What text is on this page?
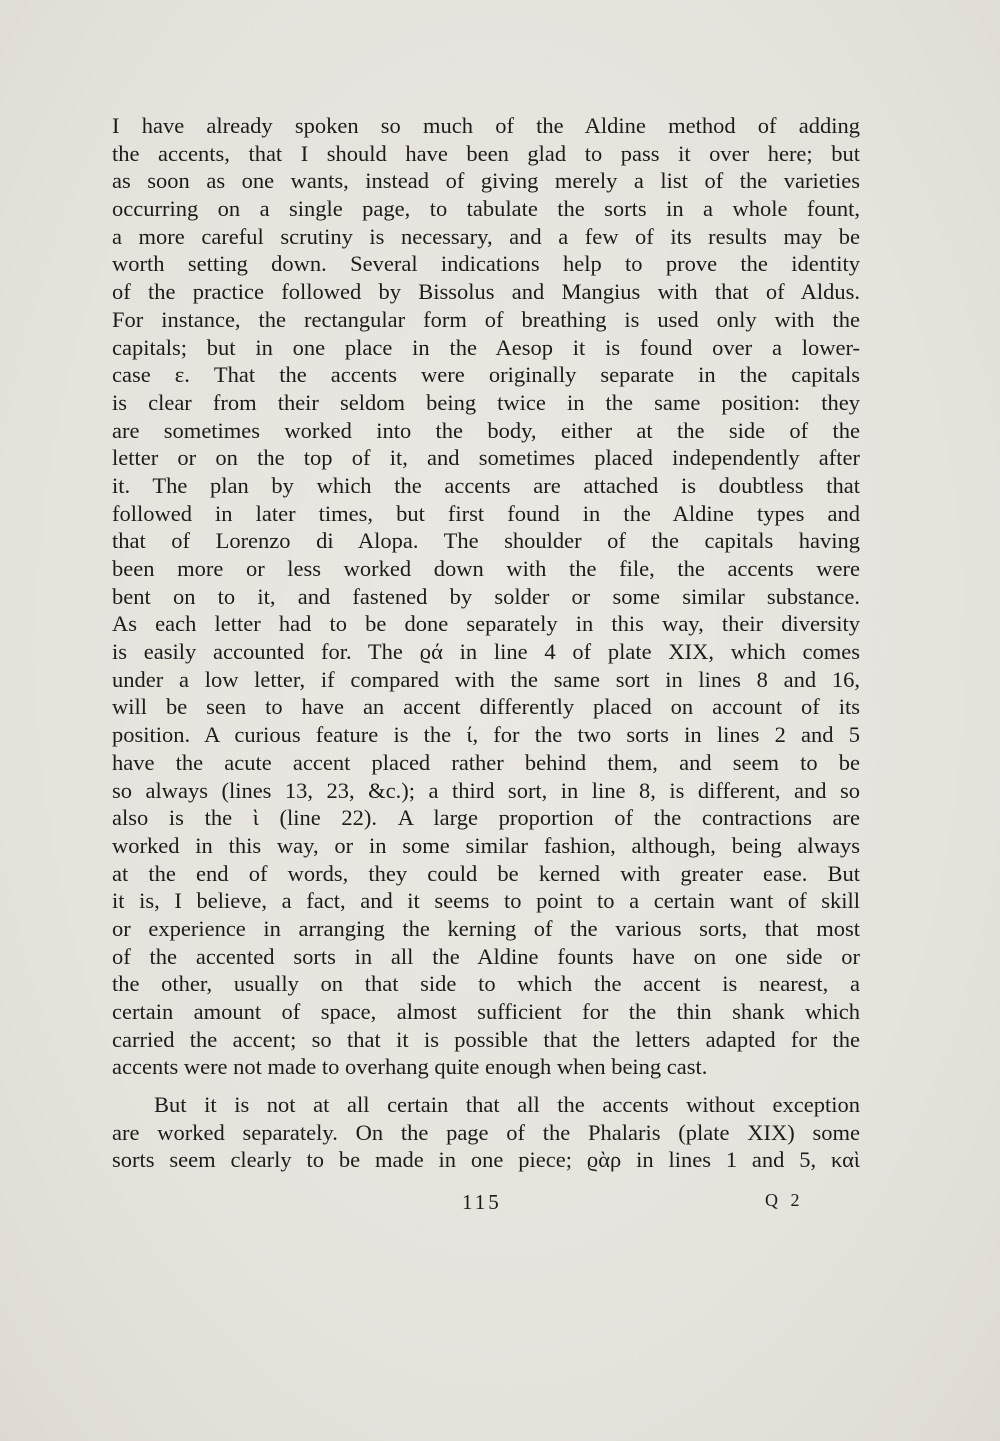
I have already spoken so much of the Aldine method of adding
the accents, that I should have been glad to pass it over here; but
as soon as one wants, instead of giving merely a list of the varieties
occurring on a single page, to tabulate the sorts in a whole fount,
a more careful scrutiny is necessary, and a few of its results may be
worth setting down. Several indications help to prove the identity
of the practice followed by Bissolus and Mangius with that of Aldus.
For instance, the rectangular form of breathing is used only with the
capitals; but in one place in the Aesop it is found over a lower-
case ε. That the accents were originally separate in the capitals
is clear from their seldom being twice in the same position: they
are sometimes worked into the body, either at the side of the
letter or on the top of it, and sometimes placed independently after
it. The plan by which the accents are attached is doubtless that
followed in later times, but first found in the Aldine types and
that of Lorenzo di Alopa. The shoulder of the capitals having
been more or less worked down with the file, the accents were
bent on to it, and fastened by solder or some similar substance.
As each letter had to be done separately in this way, their diversity
is easily accounted for. The ϱά in line 4 of plate XIX, which comes
under a low letter, if compared with the same sort in lines 8 and 16,
will be seen to have an accent differently placed on account of its
position. A curious feature is the ί, for the two sorts in lines 2 and 5
have the acute accent placed rather behind them, and seem to be
so always (lines 13, 23, &c.); a third sort, in line 8, is different, and so
also is the ὶ (line 22). A large proportion of the contractions are
worked in this way, or in some similar fashion, although, being always
at the end of words, they could be kerned with greater ease. But
it is, I believe, a fact, and it seems to point to a certain want of skill
or experience in arranging the kerning of the various sorts, that most
of the accented sorts in all the Aldine founts have on one side or
the other, usually on that side to which the accent is nearest, a
certain amount of space, almost sufficient for the thin shank which
carried the accent; so that it is possible that the letters adapted for the
accents were not made to overhang quite enough when being cast.
But it is not at all certain that all the accents without exception
are worked separately. On the page of the Phalaris (plate XIX) some
sorts seem clearly to be made in one piece; ϱὰρ in lines 1 and 5, καὶ
115	Q 2
